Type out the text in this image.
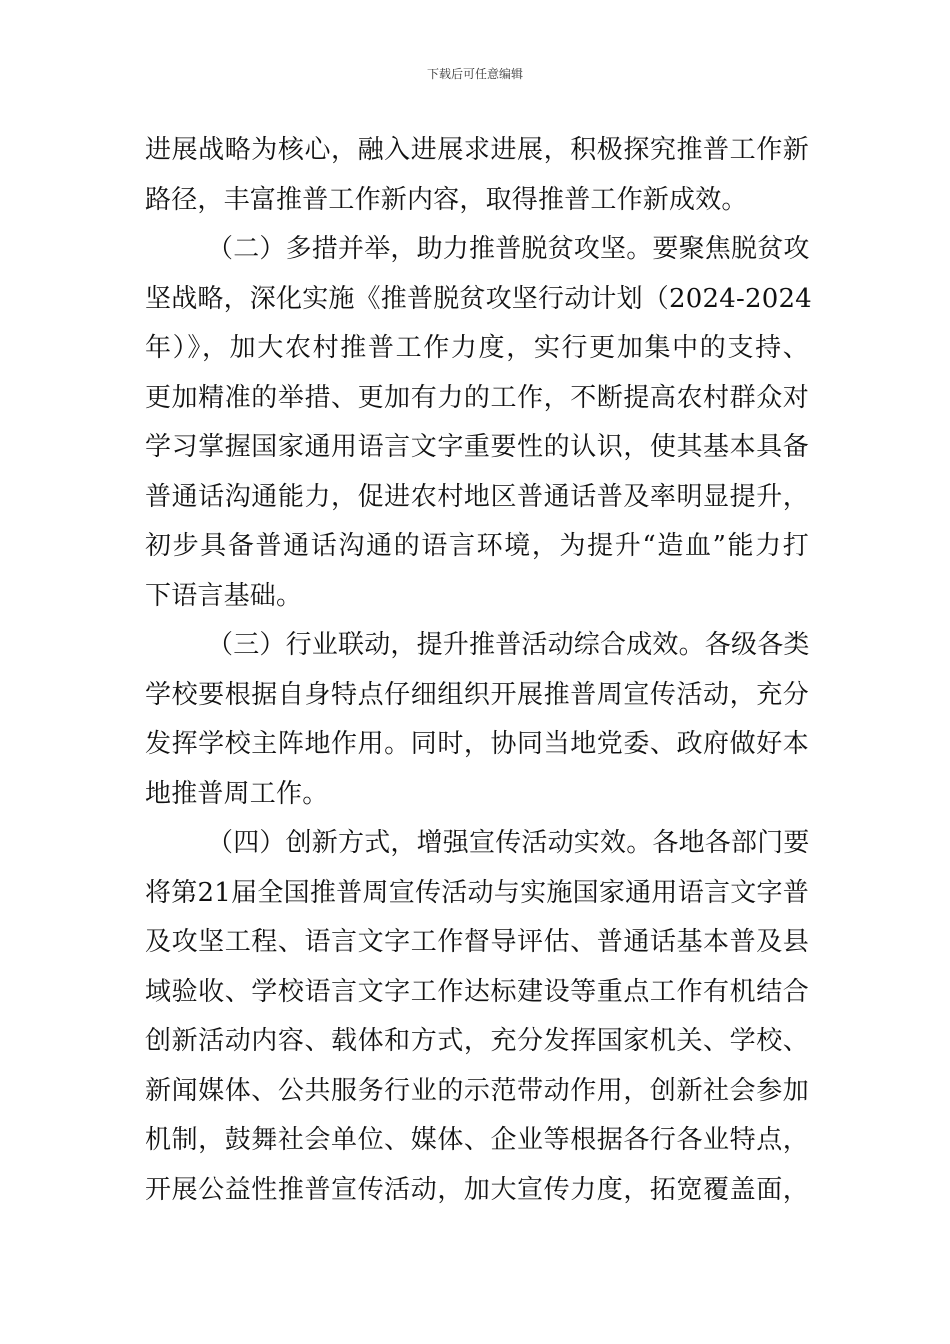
下载后可任意编辑
进展战略为核心，融入进展求进展，积极探究推普工作新
路径，丰富推普工作新内容，取得推普工作新成效。
（二）多措并举，助力推普脱贫攻坚。要聚焦脱贫攻
坚战略，深化实施《推普脱贫攻坚行动计划（2024-2024
年）》，加大农村推普工作力度，实行更加集中的支持、
更加精准的举措、更加有力的工作，不断提高农村群众对
学习掌握国家通用语言文字重要性的认识，使其基本具备
普通话沟通能力，促进农村地区普通话普及率明显提升，
初步具备普通话沟通的语言环境，为提升“造血”能力打
下语言基础。
（三）行业联动，提升推普活动综合成效。各级各类
学校要根据自身特点仔细组织开展推普周宣传活动，充分
发挥学校主阵地作用。同时，协同当地党委、政府做好本
地推普周工作。
（四）创新方式，增强宣传活动实效。各地各部门要
将第21届全国推普周宣传活动与实施国家通用语言文字普
及攻坚工程、语言文字工作督导评估、普通话基本普及县
域验收、学校语言文字工作达标建设等重点工作有机结合
创新活动内容、载体和方式，充分发挥国家机关、学校、
新闻媒体、公共服务行业的示范带动作用，创新社会参加
机制，鼓舞社会单位、媒体、企业等根据各行各业特点，
开展公益性推普宣传活动，加大宣传力度，拓宽覆盖面，
